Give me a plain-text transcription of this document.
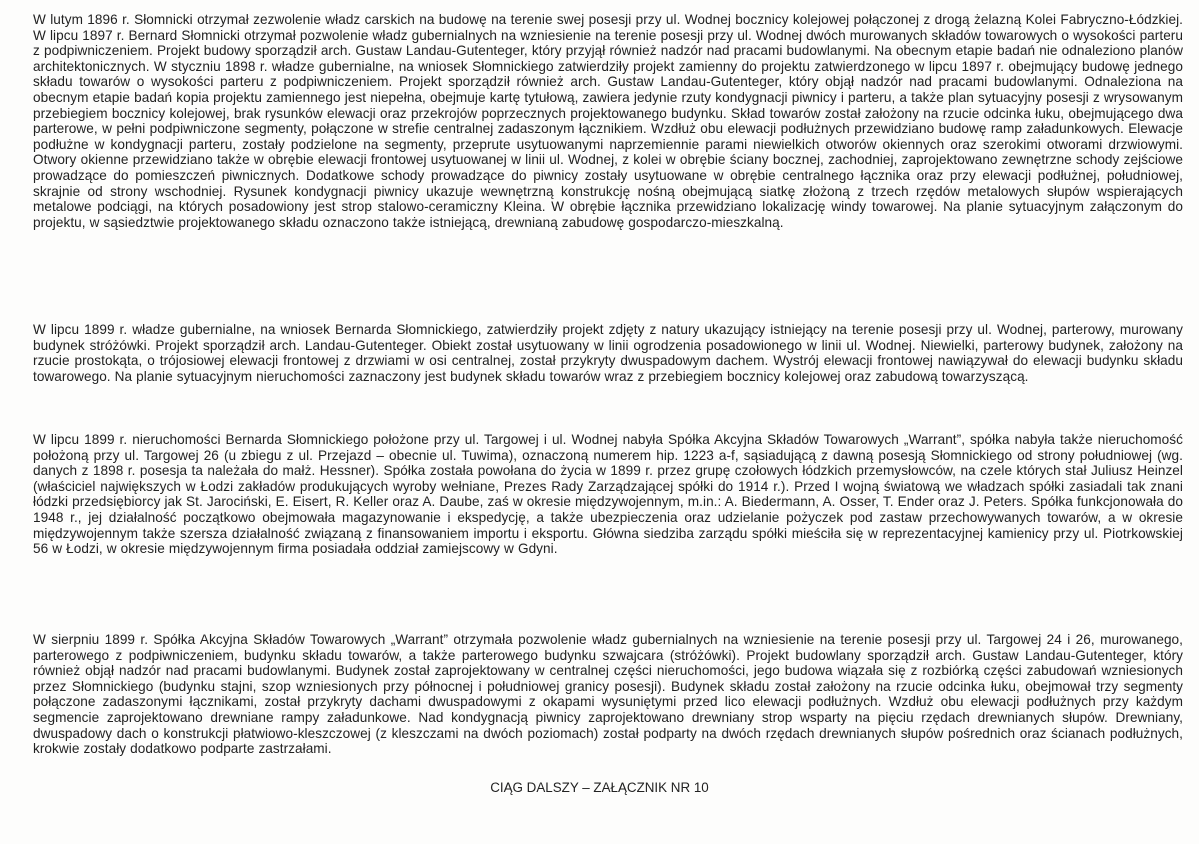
W lutym 1896 r. Słomnicki otrzymał zezwolenie władz carskich na budowę na terenie swej posesji przy ul. Wodnej bocznicy kolejowej połączonej z drogą żelazną Kolei Fabryczno-Łódzkiej. W lipcu 1897 r. Bernard Słomnicki otrzymał pozwolenie władz gubernialnych na wzniesienie na terenie posesji przy ul. Wodnej dwóch murowanych składów towarowych o wysokości parteru z podpiwniczeniem. Projekt budowy sporządził arch. Gustaw Landau-Gutenteger, który przyjął również nadzór nad pracami budowlanymi. Na obecnym etapie badań nie odnaleziono planów architektonicznych. W styczniu 1898 r. władze gubernialne, na wniosek Słomnickiego zatwierdziły projekt zamienny do projektu zatwierdzonego w lipcu 1897 r. obejmujący budowę jednego składu towarów o wysokości parteru z podpiwniczeniem. Projekt sporządził również arch. Gustaw Landau-Gutenteger, który objął nadzór nad pracami budowlanymi. Odnaleziona na obecnym etapie badań kopia projektu zamiennego jest niepełna, obejmuje kartę tytułową, zawiera jedynie rzuty kondygnacji piwnicy i parteru, a także plan sytuacyjny posesji z wrysowanym przebiegiem bocznicy kolejowej, brak rysunków elewacji oraz przekrojów poprzecznych projektowanego budynku. Skład towarów został założony na rzucie odcinka łuku, obejmującego dwa parterowe, w pełni podpiwniczone segmenty, połączone w strefie centralnej zadaszonym łącznikiem. Wzdłuż obu elewacji podłużnych przewidziano budowę ramp załadunkowych. Elewacje podłużne w kondygnacji parteru, zostały podzielone na segmenty, przeprute usytuowanymi naprzemiennie parami niewielkich otworów okiennych oraz szerokimi otworami drzwiowymi. Otwory okienne przewidziano także w obrębie elewacji frontowej usytuowanej w linii ul. Wodnej, z kolei w obrębie ściany bocznej, zachodniej, zaprojektowano zewnętrzne schody zejściowe prowadzące do pomieszczeń piwnicznych. Dodatkowe schody prowadzące do piwnicy zostały usytuowane w obrębie centralnego łącznika oraz przy elewacji podłużnej, południowej, skrajnie od strony wschodniej. Rysunek kondygnacji piwnicy ukazuje wewnętrzną konstrukcję nośną obejmującą siatkę złożoną z trzech rzędów metalowych słupów wspierających metalowe podciągi, na których posadowiony jest strop stalowo-ceramiczny Kleina. W obrębie łącznika przewidziano lokalizację windy towarowej. Na planie sytuacyjnym załączonym do projektu, w sąsiedztwie projektowanego składu oznaczono także istniejącą, drewnianą zabudowę gospodarczo-mieszkalną.

W lipcu 1899 r. władze gubernialne, na wniosek Bernarda Słomnickiego, zatwierdziły projekt zdjęty z natury ukazujący istniejący na terenie posesji przy ul. Wodnej, parterowy, murowany budynek stróżówki. Projekt sporządził arch. Landau-Gutenteger. Obiekt został usytuowany w linii ogrodzenia posadowionego w linii ul. Wodnej. Niewielki, parterowy budynek, założony na rzucie prostokąta, o trójosiowej elewacji frontowej z drzwiami w osi centralnej, został przykryty dwuspadowym dachem. Wystrój elewacji frontowej nawiązywał do elewacji budynku składu towarowego. Na planie sytuacyjnym nieruchomości zaznaczony jest budynek składu towarów wraz z przebiegiem bocznicy kolejowej oraz zabudową towarzyszącą.

W lipcu 1899 r. nieruchomości Bernarda Słomnickiego położone przy ul. Targowej i ul. Wodnej nabyła Spółka Akcyjna Składów Towarowych „Warrant”, spółka nabyła także nieruchomość położoną przy ul. Targowej 26 (u zbiegu z ul. Przejazd – obecnie ul. Tuwima), oznaczoną numerem hip. 1223 a-f, sąsiadującą z dawną posesją Słomnickiego od strony południowej (wg. danych z 1898 r. posesja ta należała do małż. Hessner). Spółka została powołana do życia w 1899 r. przez grupę czołowych łódzkich przemysłowców, na czele których stał Juliusz Heinzel (właściciel największych w Łodzi zakładów produkujących wyroby wełniane, Prezes Rady Zarządzającej spółki do 1914 r.). Przed I wojną światową we władzach spółki zasiadali tak znani łódzki przedsiębiorcy jak St. Jarociński, E. Eisert, R. Keller oraz A. Daube, zaś w okresie międzywojennym, m.in.: A. Biedermann, A. Osser, T. Ender oraz J. Peters. Spółka funkcjonowała do 1948 r., jej działalność początkowo obejmowała magazynowanie i ekspedycję, a także ubezpieczenia oraz udzielanie pożyczek pod zastaw przechowywanych towarów, a w okresie międzywojennym także szersza działalność związaną z finansowaniem importu i eksportu. Główna siedziba zarządu spółki mieściła się w reprezentacyjnej kamienicy przy ul. Piotrkowskiej 56 w Łodzi, w okresie międzywojennym firma posiadała oddział zamiejscowy w Gdyni.

W sierpniu 1899 r. Spółka Akcyjna Składów Towarowych „Warrant” otrzymała pozwolenie władz gubernialnych na wzniesienie na terenie posesji przy ul. Targowej 24 i 26, murowanego, parterowego z podpiwniczeniem, budynku składu towarów, a także parterowego budynku szwajcara (stróżówki). Projekt budowlany sporządził arch. Gustaw Landau-Gutenteger, który również objął nadzór nad pracami budowlanymi. Budynek został zaprojektowany w centralnej części nieruchomości, jego budowa wiązała się z rozbiórką części zabudowań wzniesionych przez Słomnickiego (budynku stajni, szop wzniesionych przy północnej i południowej granicy posesji). Budynek składu został założony na rzucie odcinka łuku, obejmował trzy segmenty połączone zadaszonymi łącznikami, został przykryty dachami dwuspadowymi z okapami wysuniętymi przed lico elewacji podłużnych. Wzdłuż obu elewacji podłużnych przy każdym segmencie zaprojektowano drewniane rampy załadunkowe. Nad kondygnacją piwnicy zaprojektowano drewniany strop wsparty na pięciu rzędach drewnianych słupów. Drewniany, dwuspadowy dach o konstrukcji płatwiowo-kleszczowej (z kleszczami na dwóch poziomach) został podparty na dwóch rzędach drewnianych słupów pośrednich oraz ścianach podłużnych, krokwie zostały dodatkowo podparte zastrzałami.

CIĄG DALSZY – ZAŁĄCZNIK NR 10
